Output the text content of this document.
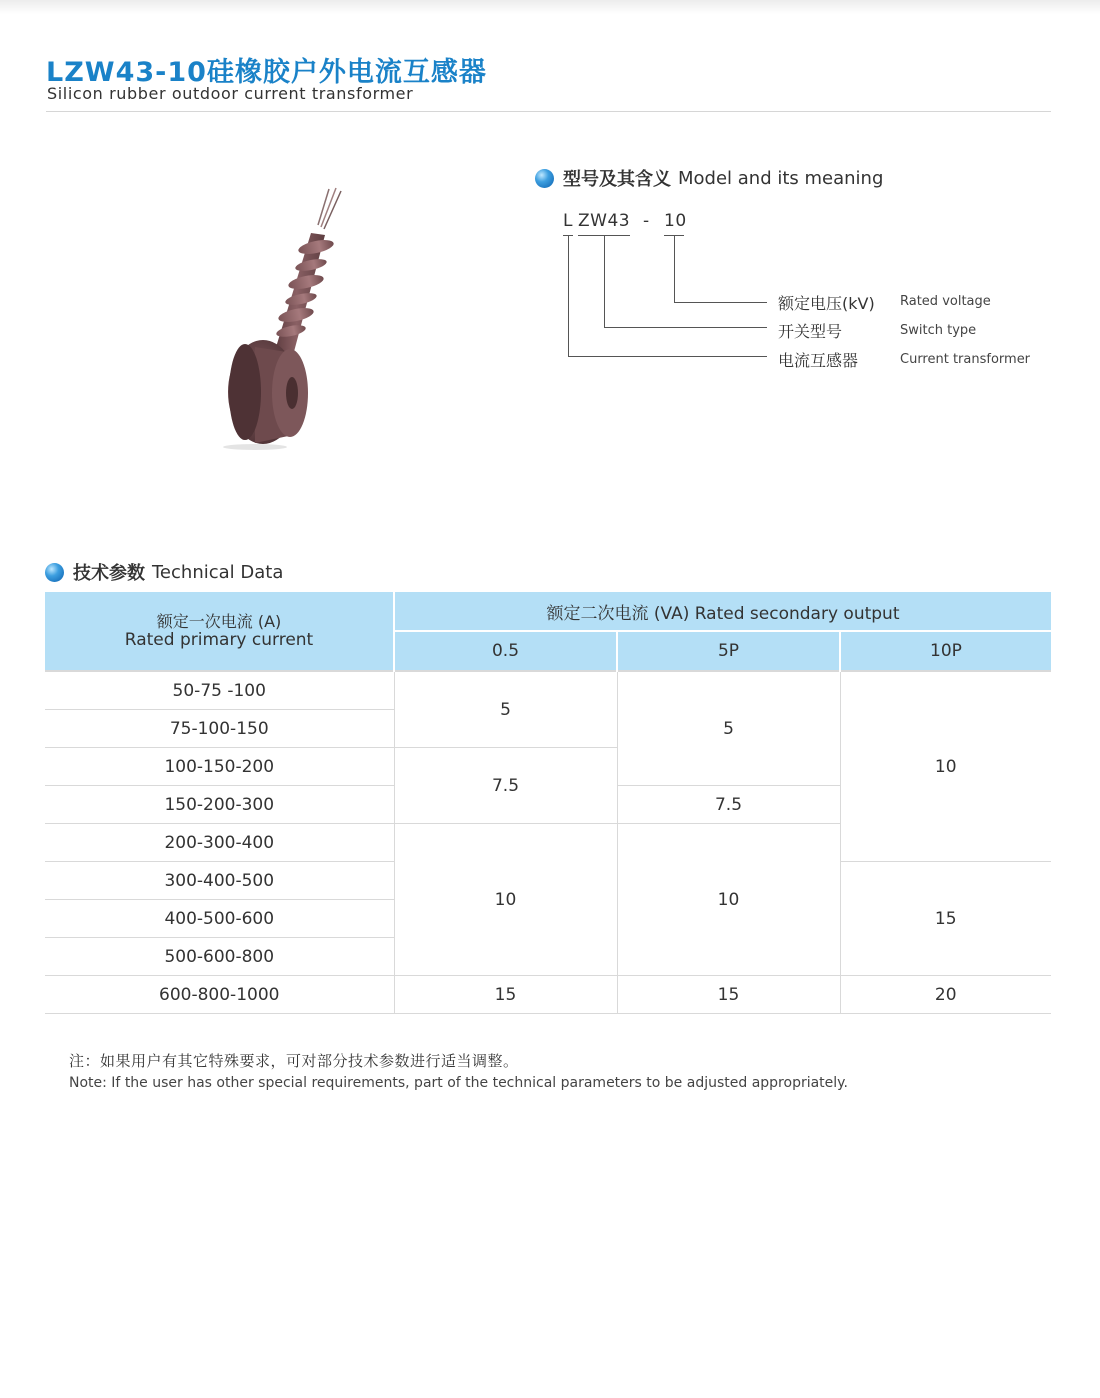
LZW43-10硅橡胶户外电流互感器
Silicon rubber outdoor current transformer
型号及其含义 Model and its meaning
L ZW43 - 10
额定电压(kV) Rated voltage
开关型号	Switch type
电流互感器	Current transformer
技术参数 Technical Data
额定一次电流 (A)
Rated primary current	额定二次电流 (VA) Rated secondary output		
	0.5	5P	10P
50-75 -100	5	5	10
75-100-150			
100-150-200	7.5		
150-200-300		7.5	
200-300-400	10	10	
300-400-500			15
400-500-600			
500-600-800			
600-800-1000	15	15	20
注：如果用户有其它特殊要求，可对部分技术参数进行适当调整。
Note: If the user has other special requirements, part of the technical parameters to be adjusted appropriately.
